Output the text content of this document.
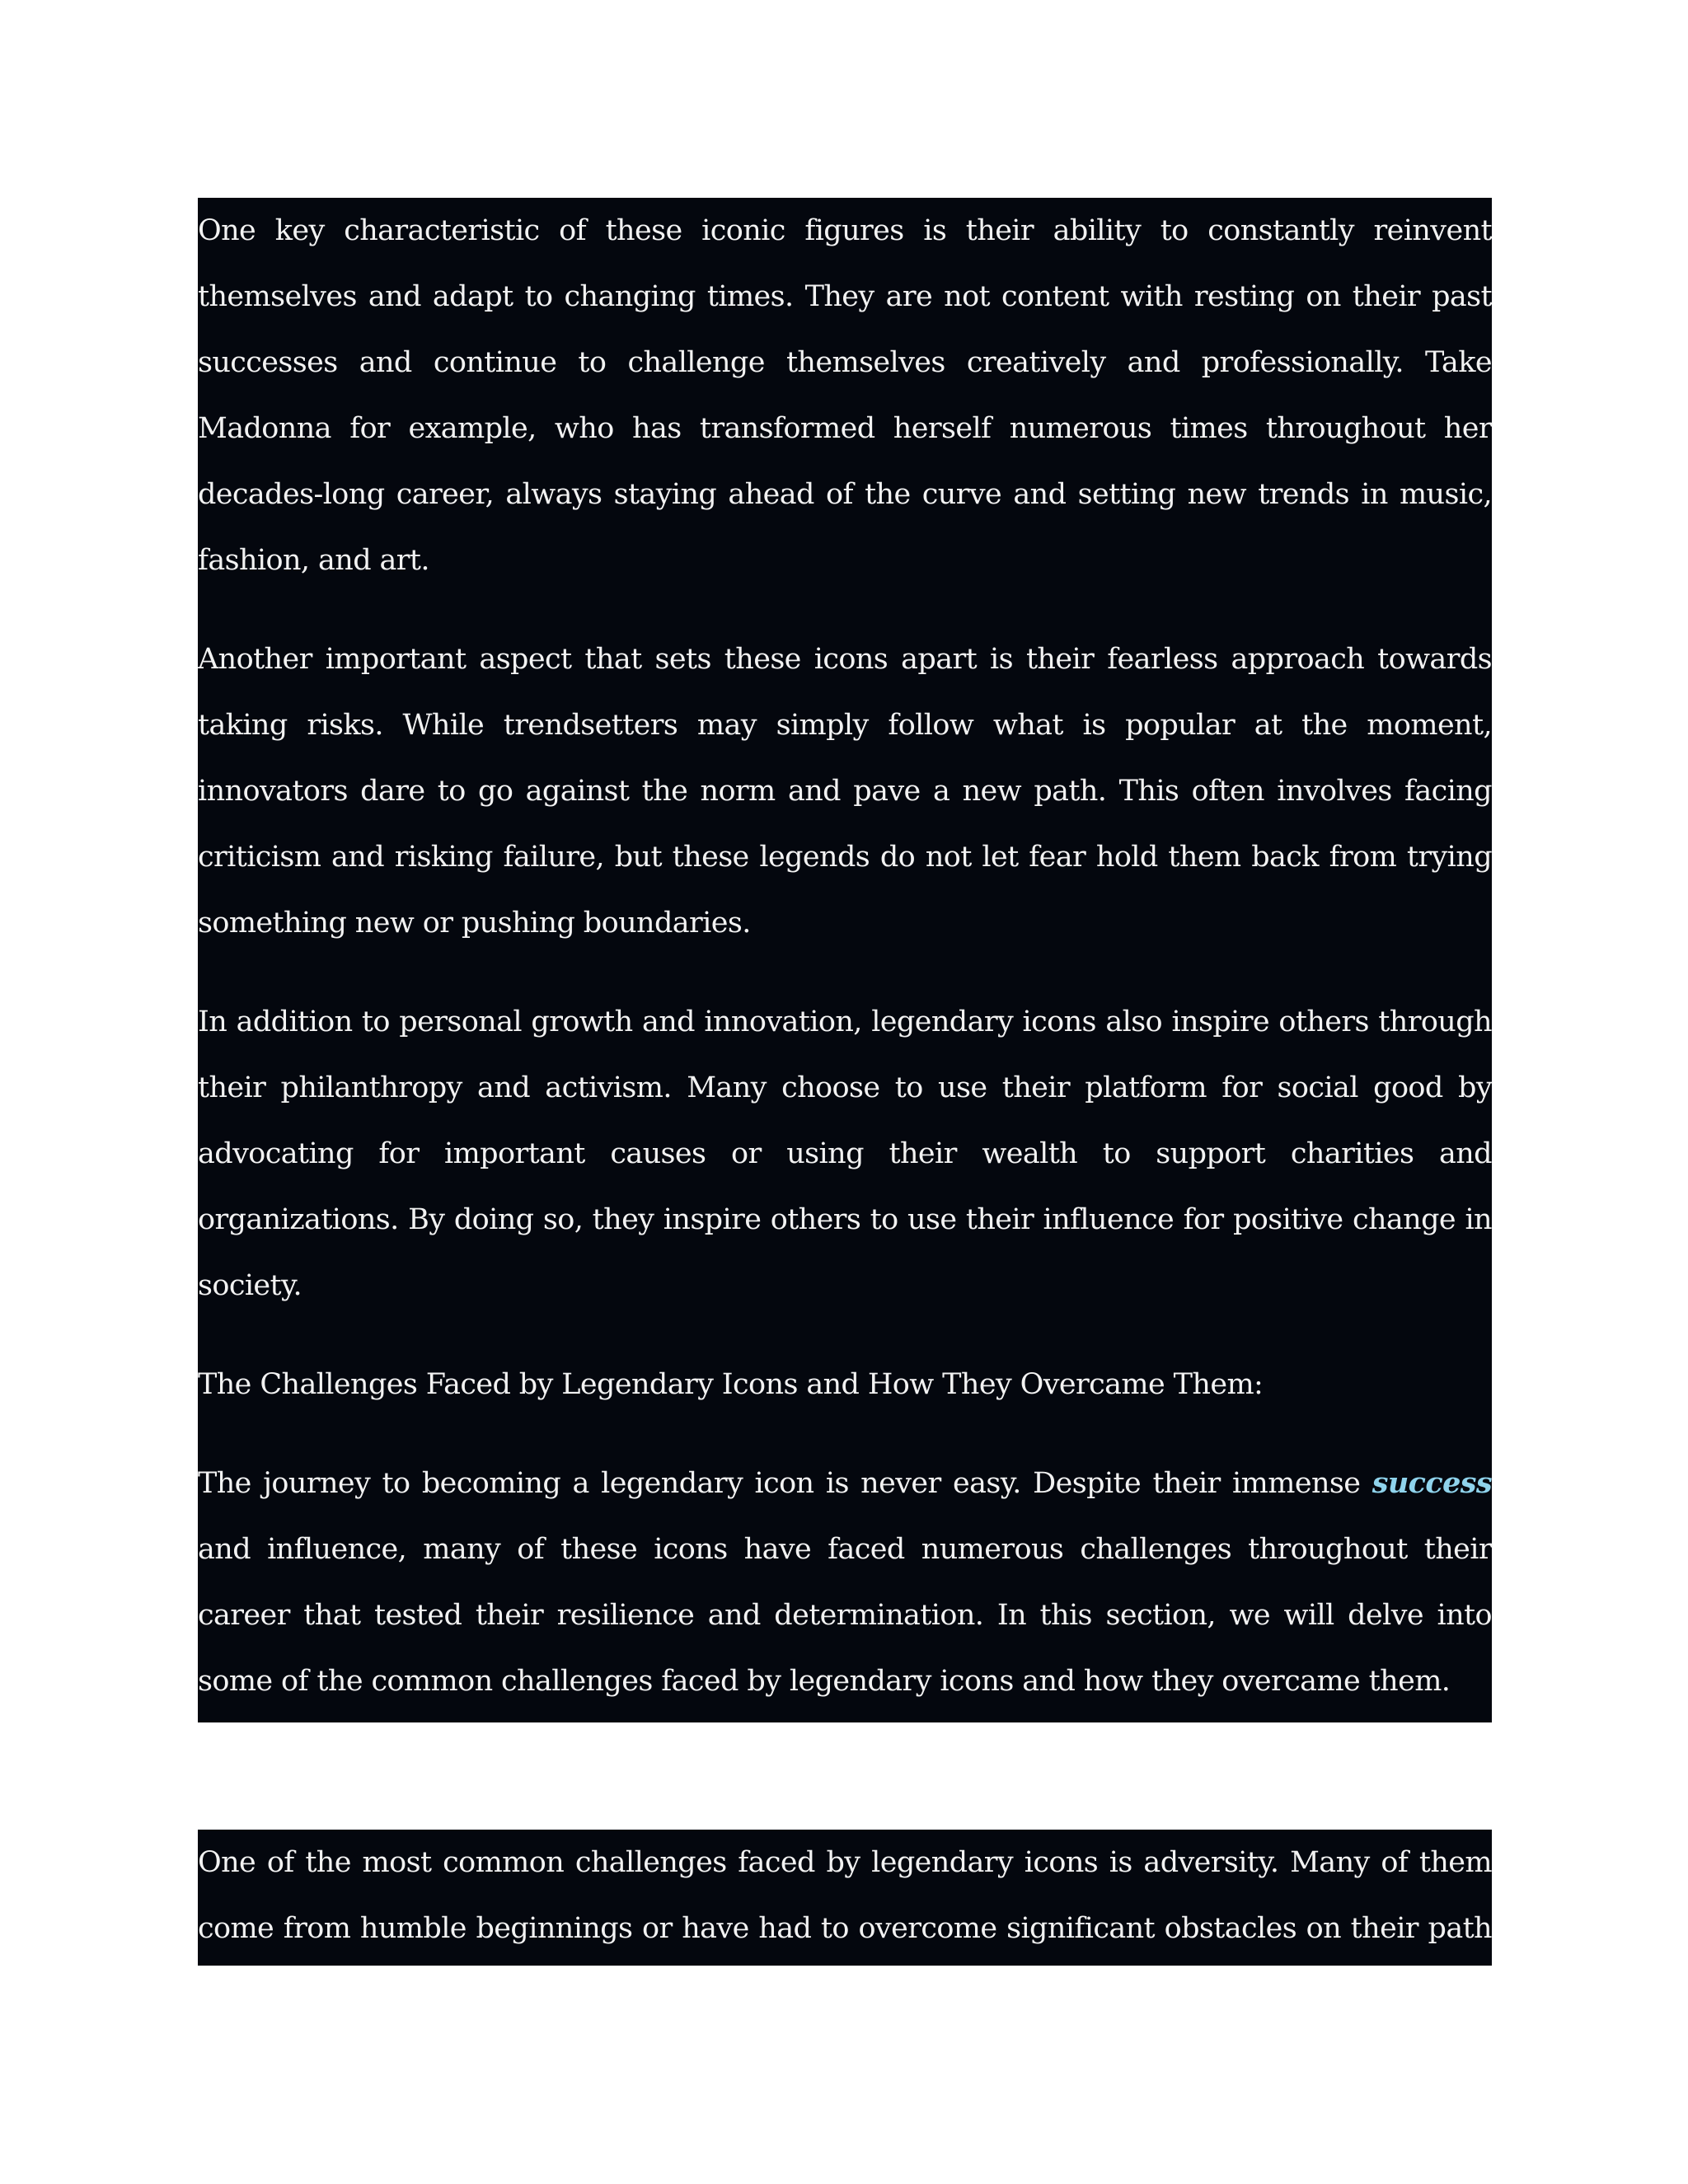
One key characteristic of these iconic figures is their ability to constantly reinvent themselves and adapt to changing times. They are not content with resting on their past successes and continue to challenge themselves creatively and professionally. Take Madonna for example, who has transformed herself numerous times throughout her decades-long career, always staying ahead of the curve and setting new trends in music, fashion, and art.

Another important aspect that sets these icons apart is their fearless approach towards taking risks. While trendsetters may simply follow what is popular at the moment, innovators dare to go against the norm and pave a new path. This often involves facing criticism and risking failure, but these legends do not let fear hold them back from trying something new or pushing boundaries.

In addition to personal growth and innovation, legendary icons also inspire others through their philanthropy and activism. Many choose to use their platform for social good by advocating for important causes or using their wealth to support charities and organizations. By doing so, they inspire others to use their influence for positive change in society.

The Challenges Faced by Legendary Icons and How They Overcame Them:

The journey to becoming a legendary icon is never easy. Despite their immense success and influence, many of these icons have faced numerous challenges throughout their career that tested their resilience and determination. In this section, we will delve into some of the common challenges faced by legendary icons and how they overcame them.

One of the most common challenges faced by legendary icons is adversity. Many of them come from humble beginnings or have had to overcome significant obstacles on their path
